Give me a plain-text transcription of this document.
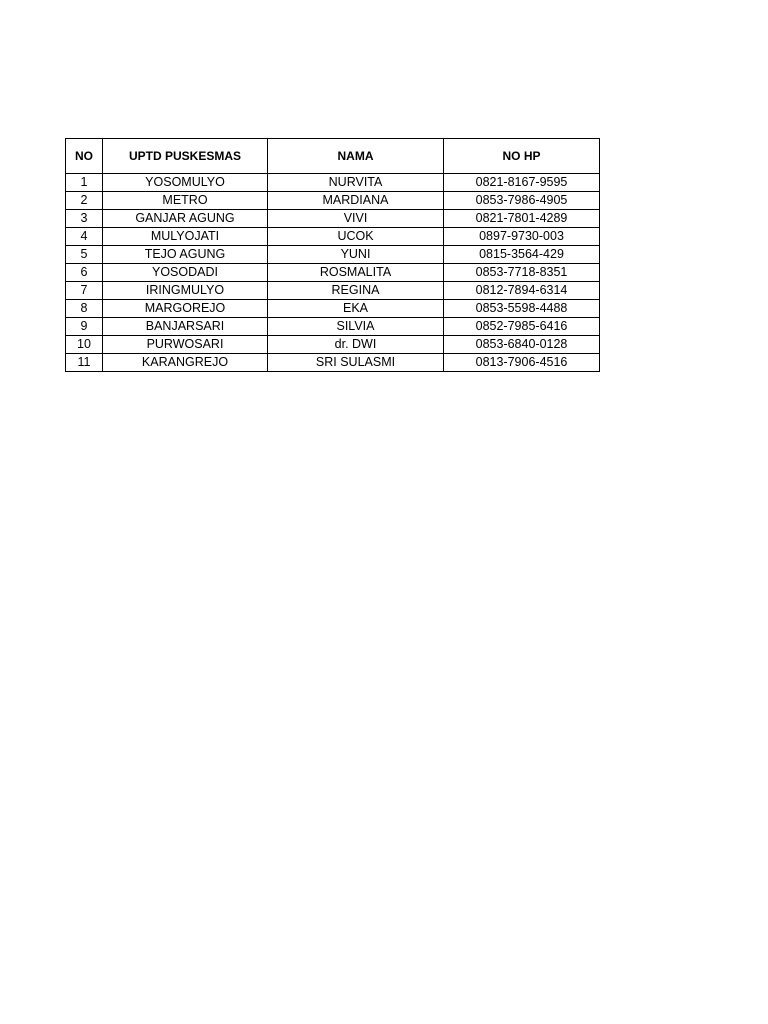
NO	UPTD PUSKESMAS	NAMA	NO HP
1	YOSOMULYO	NURVITA	0821-8167-9595
2	METRO	MARDIANA	0853-7986-4905
3	GANJAR AGUNG	VIVI	0821-7801-4289
4	MULYOJATI	UCOK	0897-9730-003
5	TEJO AGUNG	YUNI	0815-3564-429
6	YOSODADI	ROSMALITA	0853-7718-8351
7	IRINGMULYO	REGINA	0812-7894-6314
8	MARGOREJO	EKA	0853-5598-4488
9	BANJARSARI	SILVIA	0852-7985-6416
10	PURWOSARI	dr. DWI	0853-6840-0128
11	KARANGREJO	SRI SULASMI	0813-7906-4516
